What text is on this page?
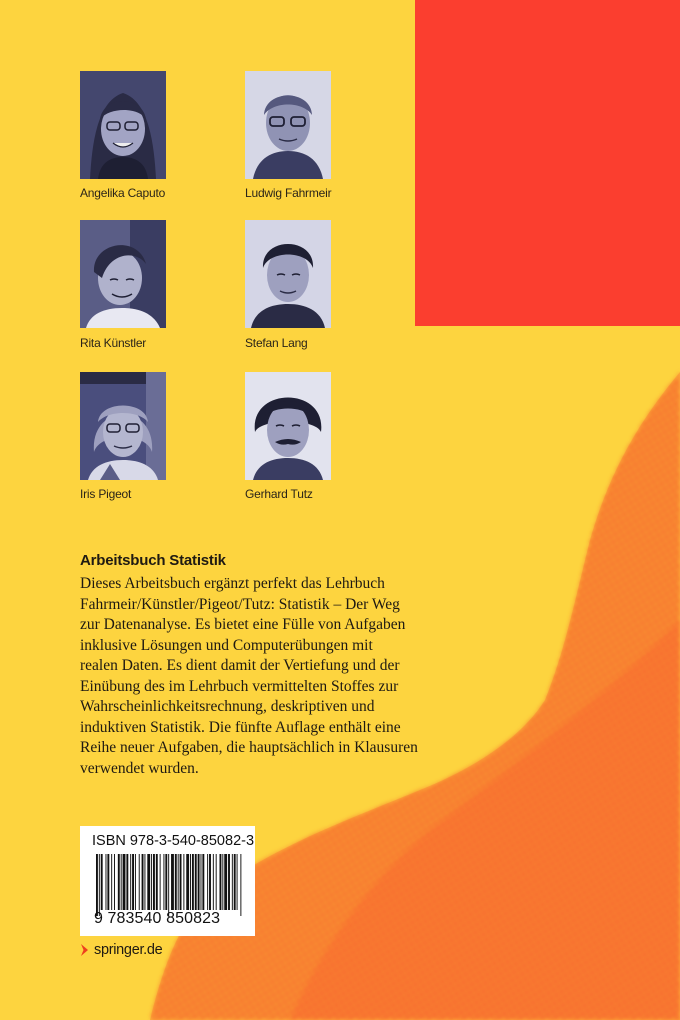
Angelika Caputo	Ludwig Fahrmeir
Rita Künstler	Stefan Lang
Iris Pigeot	Gerhard Tutz
Arbeitsbuch Statistik

Dieses Arbeitsbuch ergänzt perfekt das Lehrbuch
Fahrmeir/Künstler/Pigeot/Tutz: Statistik – Der Weg
zur Datenanalyse. Es bietet eine Fülle von Aufgaben
inklusive Lösungen und Computerübungen mit
realen Daten. Es dient damit der Vertiefung und der
Einübung des im Lehrbuch vermittelten Stoffes zur
Wahrscheinlichkeitsrechnung, deskriptiven und
induktiven Statistik. Die fünfte Auflage enthält eine
Reihe neuer Aufgaben, die hauptsächlich in Klausuren
verwendet wurden.

ISBN 978-3-540-85082-3
9 783540 850823
springer.de
